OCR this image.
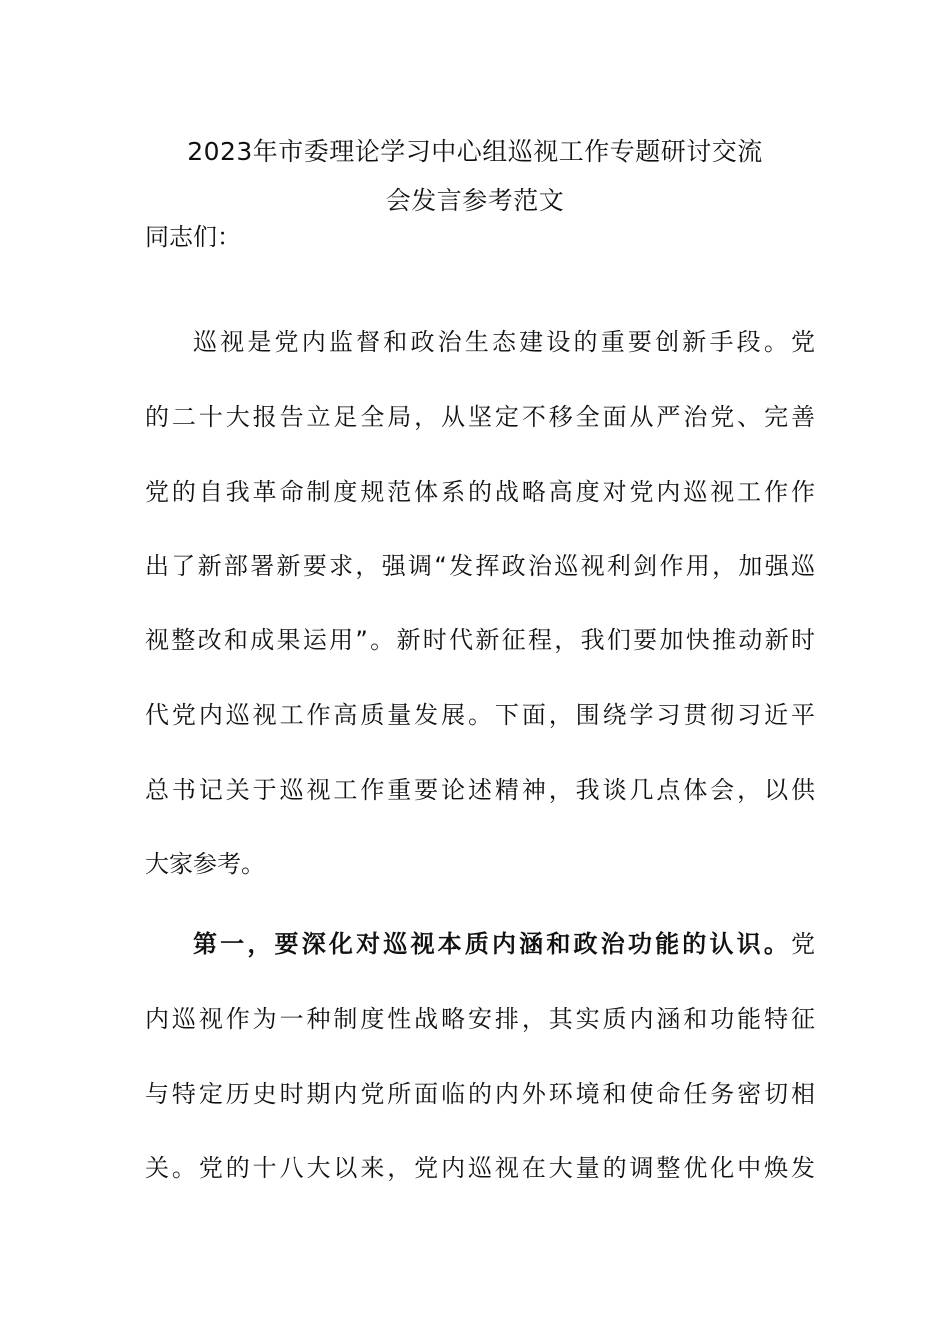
2023年市委理论学习中心组巡视工作专题研讨交流
会发言参考范文
同志们：
巡视是党内监督和政治生态建设的重要创新手段。党
的二十大报告立足全局，从坚定不移全面从严治党、完善
党的自我革命制度规范体系的战略高度对党内巡视工作作
出了新部署新要求，强调“发挥政治巡视利剑作用，加强巡
视整改和成果运用”。新时代新征程，我们要加快推动新时
代党内巡视工作高质量发展。下面，围绕学习贯彻习近平
总书记关于巡视工作重要论述精神，我谈几点体会，以供
大家参考。
第一，要深化对巡视本质内涵和政治功能的认识。党
内巡视作为一种制度性战略安排，其实质内涵和功能特征
与特定历史时期内党所面临的内外环境和使命任务密切相
关。党的十八大以来，党内巡视在大量的调整优化中焕发
